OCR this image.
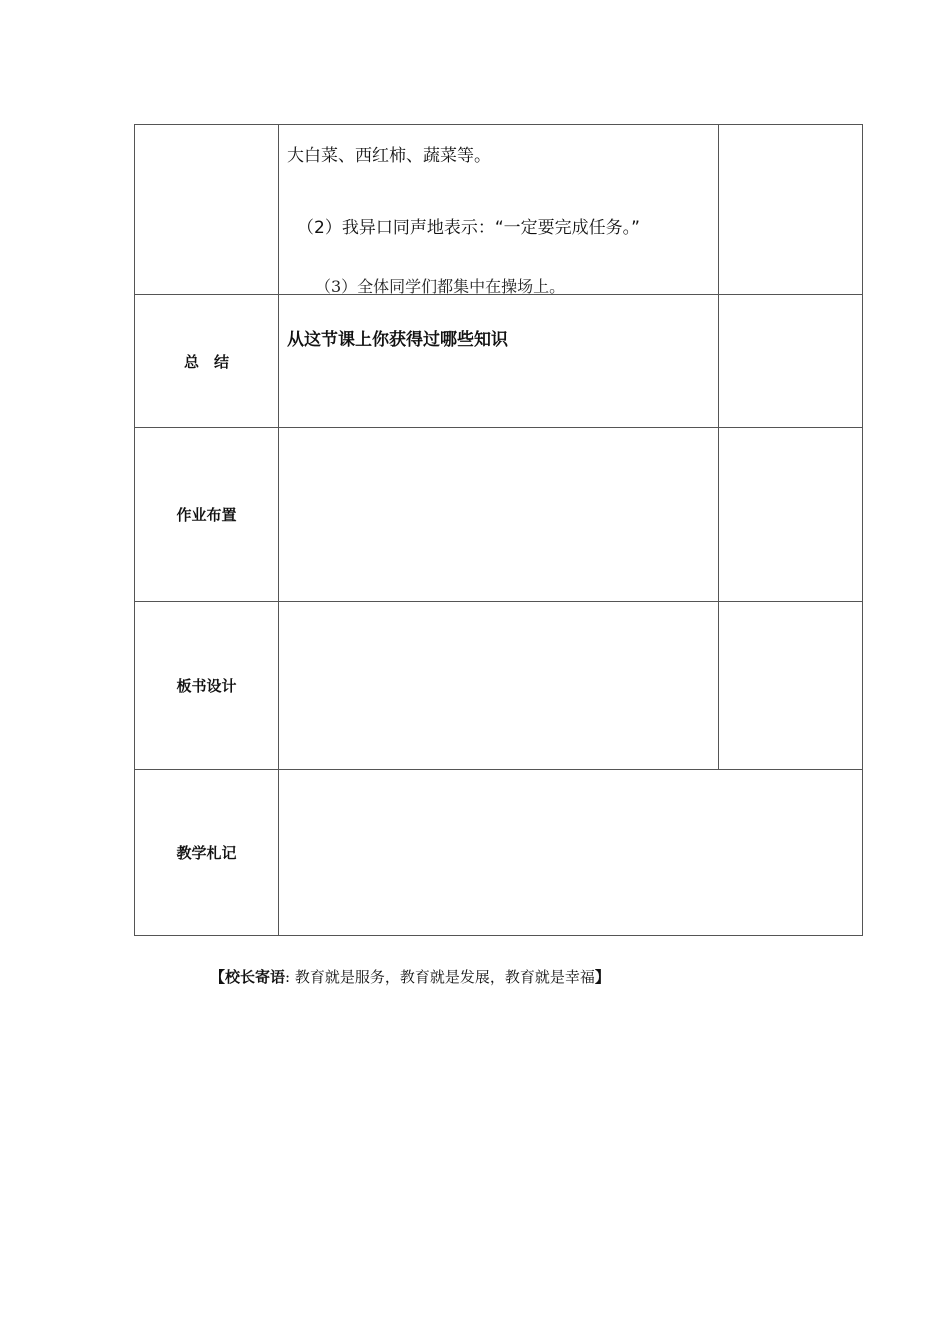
	大白菜、西红柿、蔬菜等。
（2）我异口同声地表示：“一定要完成任务。”
（3）全体同学们都集中在操场上。	

总　结	从这节课上你获得过哪些知识	

作业布置		
板书设计		
教学札记		
【校长寄语: 教育就是服务，教育就是发展，教育就是幸福】
